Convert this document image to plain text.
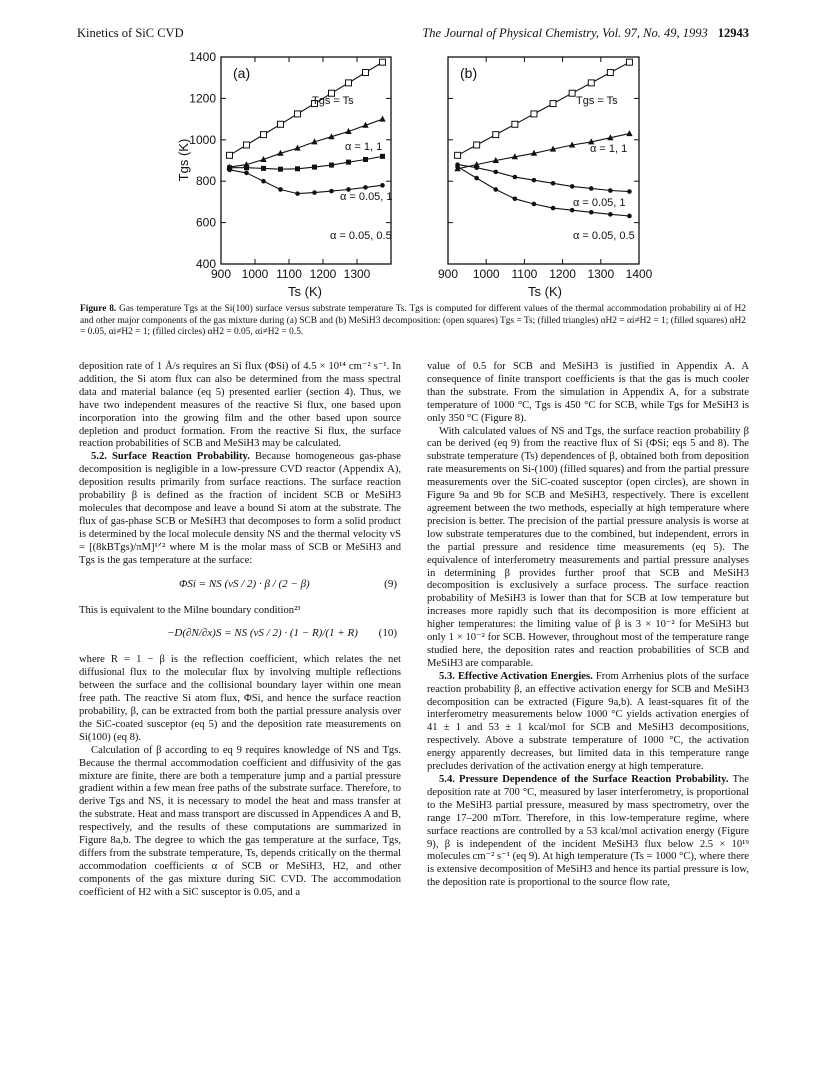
Kinetics of SiC CVD	The Journal of Physical Chemistry, Vol. 97, No. 49, 1993 12943
900 1000 1100 1200 1300
400
600
800
1000
1200
1400
Tgs (K)
Ts (K)
(a)
Tgs = Ts
α = 1, 1
α = 0.05, 1
α = 0.05, 0.5
900 1000 1100 1200 1300 1400
Ts (K)
(b)
Tgs = Ts
α = 1, 1
α = 0.05, 1
α = 0.05, 0.5
Figure 8. Gas temperature Tgs at the Si(100) surface versus substrate temperature Ts. Tgs is computed for different values of the thermal accommodation probability αi of H2 and other major components of the gas mixture during (a) SCB and (b) MeSiH3 decomposition: (open squares) Tgs = Ts; (filled triangles) αH2 = αi≠H2 = 1; (filled squares) αH2 = 0.05, αi≠H2 = 1; (filled circles) αH2 = 0.05, αi≠H2 = 0.5.

deposition rate of 1 Å/s requires an Si flux (ΦSi) of 4.5 × 10¹⁴ cm⁻² s⁻¹. In addition, the Si atom flux can also be determined from the mass spectral data and material balance (eq 5) presented earlier (section 4). Thus, we have two independent measures of the reactive Si flux, one based upon incorporation into the growing film and the other based upon source depletion and product formation. From the reactive Si flux, the surface reaction probabilities of SCB and MeSiH3 may be calculated.

5.2. Surface Reaction Probability. Because homogeneous gas-phase decomposition is negligible in a low-pressure CVD reactor (Appendix A), deposition results primarily from surface reactions. The surface reaction probability β is defined as the fraction of incident SCB or MeSiH3 molecules that decompose and leave a bound Si atom at the substrate. The flux of gas-phase SCB or MeSiH3 that decomposes to form a solid product is determined by the local molecule density NS and the thermal velocity vS = [(8kBTgs)/πM]¹ᐟ² where M is the molar mass of SCB or MeSiH3 and Tgs is the gas temperature at the surface:

ΦSi = NS (vS / 2) · β / (2 − β)	(9)

This is equivalent to the Milne boundary condition²³

−D(∂N/∂x)S = NS (vS / 2) · (1 − R)/(1 + R) (10)

where R = 1 − β is the reflection coefficient, which relates the net diffusional flux to the molecular flux by involving multiple reflections between the surface and the collisional boundary layer within one mean free path. The reactive Si atom flux, ΦSi, and hence the surface reaction probability, β, can be extracted from both the partial pressure analysis over the SiC-coated susceptor (eq 5) and the deposition rate measurements on Si(100) (eq 8).

Calculation of β according to eq 9 requires knowledge of NS and Tgs. Because the thermal accommodation coefficient and diffusivity of the gas mixture are finite, there are both a temperature jump and a partial pressure gradient within a few mean free paths of the substrate surface. Therefore, to derive Tgs and NS, it is necessary to model the heat and mass transfer at the substrate. Heat and mass transport are discussed in Appendices A and B, respectively, and the results of these computations are summarized in Figure 8a,b. The degree to which the gas temperature at the surface, Tgs, differs from the substrate temperature, Ts, depends critically on the thermal accommodation coefficients α of SCB or MeSiH3, H2, and other components of the gas mixture during SiC CVD. The accommodation coefficient of H2 with a SiC susceptor is 0.05, and a

value of 0.5 for SCB and MeSiH3 is justified in Appendix A. A consequence of finite transport coefficients is that the gas is much cooler than the substrate. From the simulation in Appendix A, for a substrate temperature of 1000 °C, Tgs is 450 °C for SCB, while Tgs for MeSiH3 is only 350 °C (Figure 8).

With calculated values of NS and Tgs, the surface reaction probability β can be derived (eq 9) from the reactive flux of Si (ΦSi; eqs 5 and 8). The substrate temperature (Ts) dependences of β, obtained both from deposition rate measurements on Si-(100) (filled squares) and from the partial pressure measurements over the SiC-coated susceptor (open circles), are shown in Figure 9a and 9b for SCB and MeSiH3, respectively. There is excellent agreement between the two methods, especially at high temperature where precision is better. The precision of the partial pressure analysis is worse at low substrate temperatures due to the combined, but independent, errors in the partial pressure and residence time measurements (eq 5). The equivalence of interferometry measurements and partial pressure analyses in determining β provides further proof that SCB and MeSiH3 decomposition is exclusively a surface process. The surface reaction probability of MeSiH3 is lower than that for SCB at low temperature but increases more rapidly such that its decomposition is more efficient at higher temperatures: the limiting value of β is 3 × 10⁻² for MeSiH3 but only 1 × 10⁻² for SCB. However, throughout most of the temperature range studied here, the deposition rates and reaction probabilities of SCB and MeSiH3 are comparable.

5.3. Effective Activation Energies. From Arrhenius plots of the surface reaction probability β, an effective activation energy for SCB and MeSiH3 decomposition can be extracted (Figure 9a,b). A least-squares fit of the interferometry measurements below 1000 °C yields activation energies of 41 ± 1 and 53 ± 1 kcal/mol for SCB and MeSiH3 decompositions, respectively. Above a substrate temperature of 1000 °C, the activation energy apparently decreases, but limited data in this temperature range precludes derivation of the activation energy at high temperature.

5.4. Pressure Dependence of the Surface Reaction Probability. The deposition rate at 700 °C, measured by laser interferometry, is proportional to the MeSiH3 partial pressure, measured by mass spectrometry, over the range 17–200 mTorr. Therefore, in this low-temperature regime, where surface reactions are controlled by a 53 kcal/mol activation energy (Figure 9), β is independent of the incident MeSiH3 flux below 2.5 × 10¹⁹ molecules cm⁻² s⁻¹ (eq 9). At high temperature (Ts = 1000 °C), where there is extensive decomposition of MeSiH3 and hence its partial pressure is low, the deposition rate is proportional to the source flow rate,
